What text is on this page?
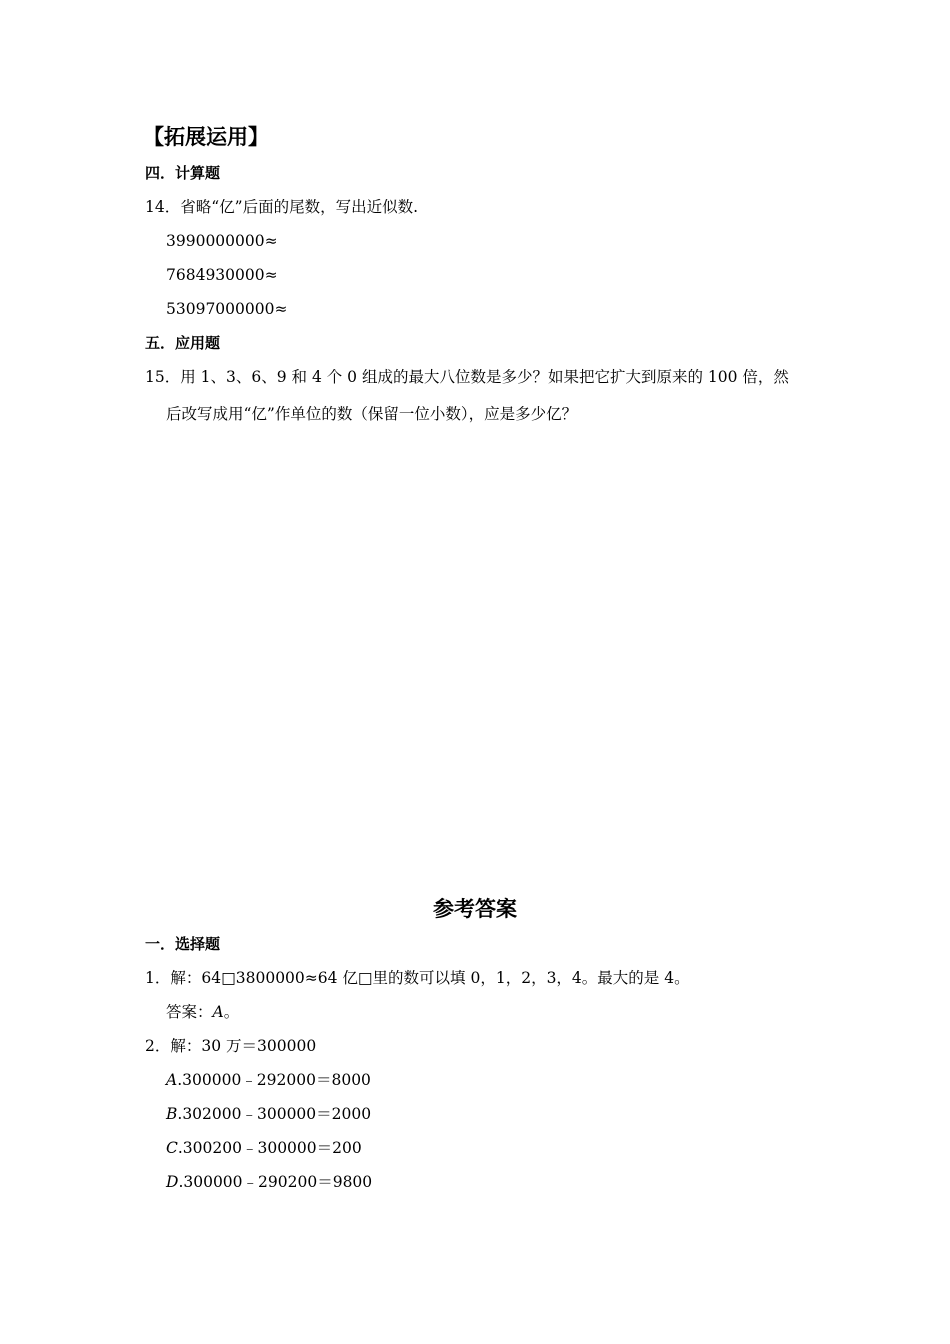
【拓展运用】
四．计算题
14．省略“亿”后面的尾数，写出近似数.
3990000000≈
7684930000≈
53097000000≈
五．应用题
15．用 1、3、6、9 和 4 个 0 组成的最大八位数是多少？如果把它扩大到原来的 100 倍，然
后改写成用“亿”作单位的数（保留一位小数），应是多少亿？
参考答案
一．选择题
1．解：64□3800000≈64 亿□里的数可以填 0，1，2，3，4。最大的是 4。
答案：A。
2．解：30 万＝300000
A.300000﹣292000＝8000
B.302000﹣300000＝2000
C.300200﹣300000＝200
D.300000﹣290200＝9800
